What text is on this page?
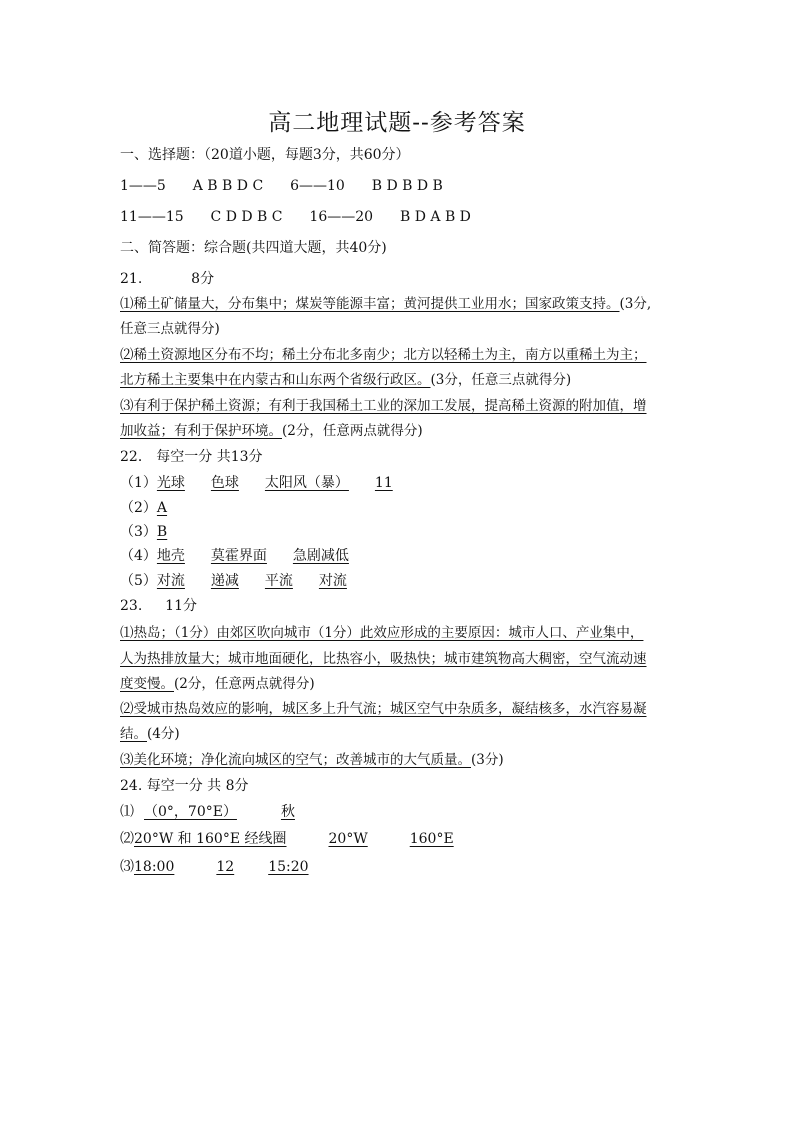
高二地理试题--参考答案
一、选择题：（20道小题，每题3分，共60分）
1——5 A B B D C 6——10 B D B D B
11——15 C D D B C 16——20 B D A B D
二、简答题：综合题(共四道大题，共40分)
21.	8分
⑴稀土矿储量大，分布集中；煤炭等能源丰富；黄河提供工业用水；国家政策支持。(3分,
任意三点就得分)
⑵稀土资源地区分布不均；稀土分布北多南少；北方以轻稀土为主，南方以重稀土为主；
北方稀土主要集中在内蒙古和山东两个省级行政区。(3分，任意三点就得分)
⑶有利于保护稀土资源；有利于我国稀土工业的深加工发展，提高稀土资源的附加值，增
加收益；有利于保护环境。(2分，任意两点就得分)
22． 每空一分 共13分
（1）光球 色球 太阳风（暴） 11
（2）A
（3）B
（4）地壳 莫霍界面 急剧减低
（5）对流 递减 平流 对流
23. 11分
⑴热岛；（1分）由郊区吹向城市（1分）此效应形成的主要原因：城市人口、产业集中，
人为热排放量大；城市地面硬化，比热容小，吸热快；城市建筑物高大稠密，空气流动速
度变慢。(2分，任意两点就得分)
⑵受城市热岛效应的影响，城区多上升气流；城区空气中杂质多，凝结核多，水汽容易凝
结。(4分)
⑶美化环境；净化流向城区的空气；改善城市的大气质量。(3分)
24. 每空一分 共 8分
⑴ （0°，70°E）	秋
⑵20°W 和 160°E 经线圈	20°W	160°E
⑶18:00	12 15:20
